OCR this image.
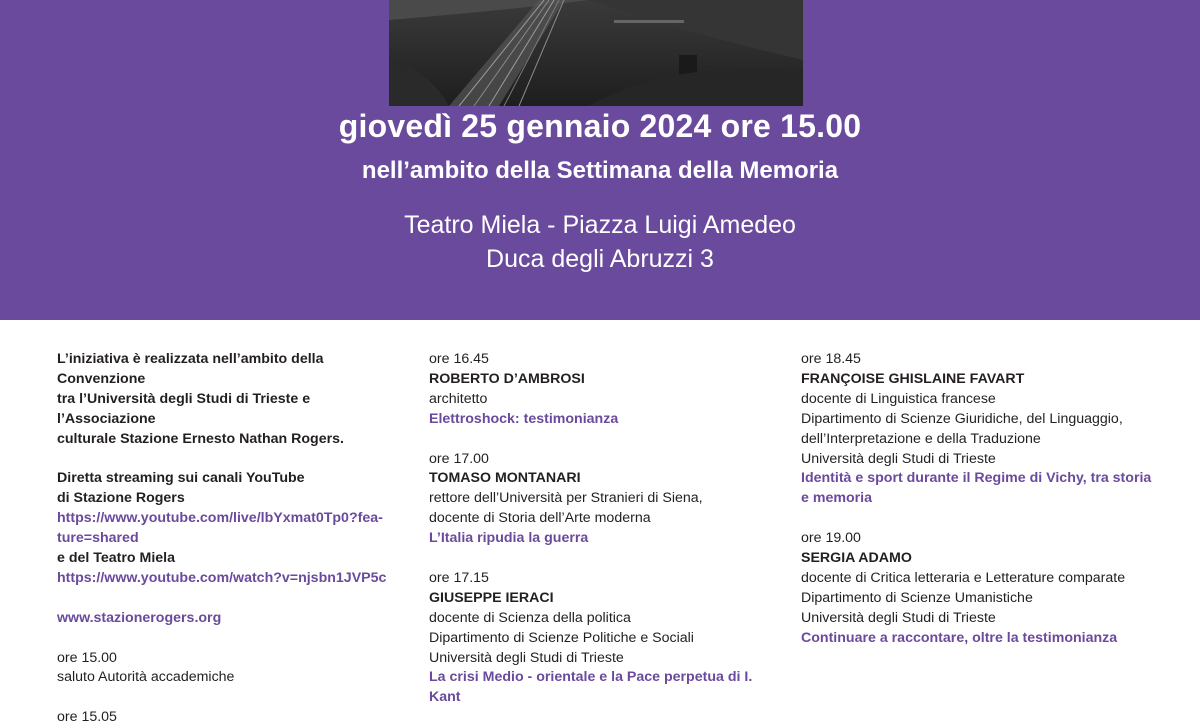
giovedì 25 gennaio 2024 ore 15.00
nell’ambito della Settimana della Memoria
Teatro Miela - Piazza Luigi Amedeo
Duca degli Abruzzi 3
L’iniziativa è realizzata nell’ambito della Convenzione
tra l’Università degli Studi di Trieste e l’Associazione
culturale Stazione Ernesto Nathan Rogers.
Diretta streaming sui canali YouTube
di Stazione Rogers
https://www.youtube.com/live/lbYxmat0Tp0?fea-
ture=shared
e del Teatro Miela
https://www.youtube.com/watch?v=njsbn1JVP5c
www.stazionerogers.org
ore 15.00
saluto Autorità accademiche
ore 15.05
ore 16.45
ROBERTO D’AMBROSI
architetto
Elettroshock: testimonianza
ore 17.00
TOMASO MONTANARI
rettore dell’Università per Stranieri di Siena,
docente di Storia dell’Arte moderna
L’Italia ripudia la guerra
ore 17.15
GIUSEPPE IERACI
docente di Scienza della politica
Dipartimento di Scienze Politiche e Sociali
Università degli Studi di Trieste
La crisi Medio - orientale e la Pace perpetua di I. Kant
ore 18.45
FRANÇOISE GHISLAINE FAVART
docente di Linguistica francese
Dipartimento di Scienze Giuridiche, del Linguaggio,
dell’Interpretazione e della Traduzione
Università degli Studi di Trieste
Identità e sport durante il Regime di Vichy, tra storia
e memoria
ore 19.00
SERGIA ADAMO
docente di Critica letteraria e Letterature comparate
Dipartimento di Scienze Umanistiche
Università degli Studi di Trieste
Continuare a raccontare, oltre la testimonianza
